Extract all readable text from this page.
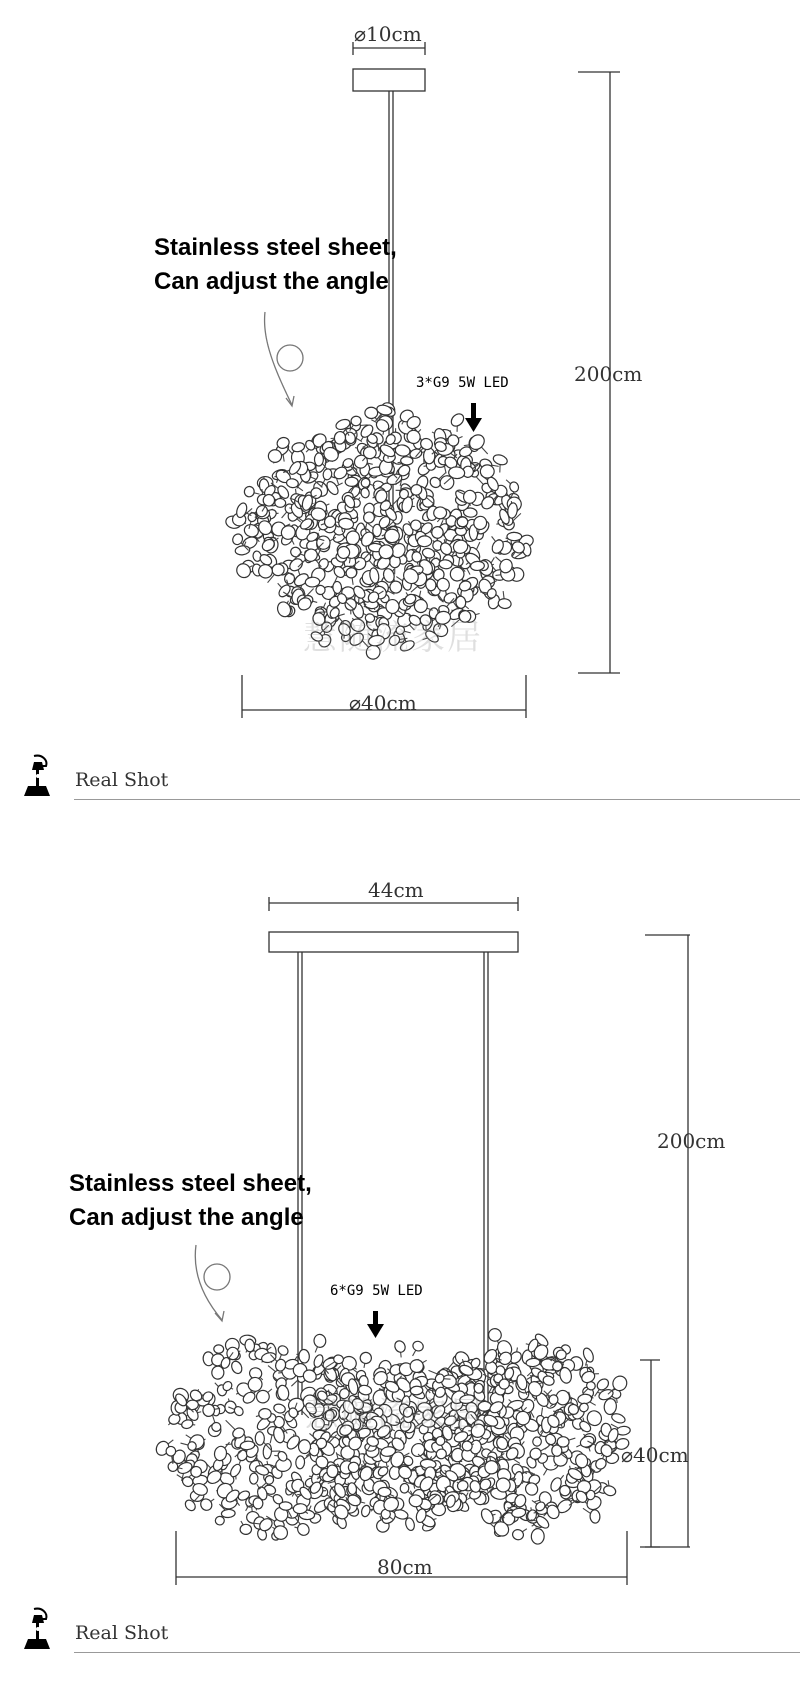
⌀10cm
200cm
⌀40cm
Stainless steel sheet,
Can adjust the angle
3*G9 5W LED
慧随流家居
Real Shot
44cm
200cm
⌀40cm
80cm
Stainless steel sheet,
Can adjust the angle
6*G9 5W LED
慧随流家居
Real Shot
